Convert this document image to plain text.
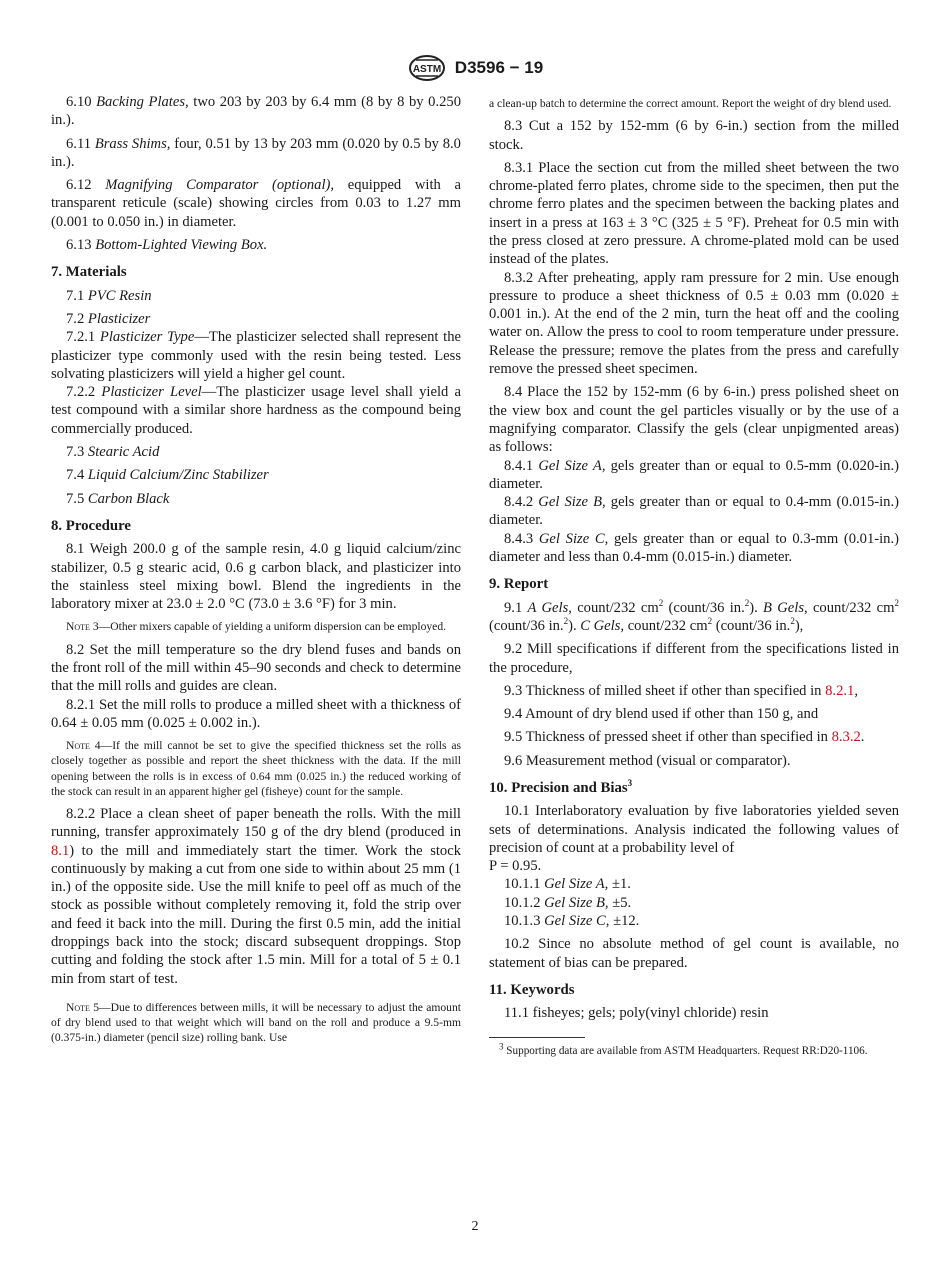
ASTM D3596 − 19

6.10 Backing Plates, two 203 by 203 by 6.4 mm (8 by 8 by 0.250 in.).

6.11 Brass Shims, four, 0.51 by 13 by 203 mm (0.020 by 0.5 by 8.0 in.).

6.12 Magnifying Comparator (optional), equipped with a transparent reticule (scale) showing circles from 0.03 to 1.27 mm (0.001 to 0.050 in.) in diameter.

6.13 Bottom-Lighted Viewing Box.

7. Materials

7.1 PVC Resin

7.2 Plasticizer

7.2.1 Plasticizer Type—The plasticizer selected shall represent the plasticizer type commonly used with the resin being tested. Less solvating plasticizers will yield a higher gel count.

7.2.2 Plasticizer Level—The plasticizer usage level shall yield a test compound with a similar shore hardness as the compound being commercially produced.

7.3 Stearic Acid

7.4 Liquid Calcium/Zinc Stabilizer

7.5 Carbon Black

8. Procedure

8.1 Weigh 200.0 g of the sample resin, 4.0 g liquid calcium/zinc stabilizer, 0.5 g stearic acid, 0.6 g carbon black, and plasticizer into the stainless steel mixing bowl. Blend the ingredients in the laboratory mixer at 23.0 ± 2.0 °C (73.0 ± 3.6 °F) for 3 min.

Note 3—Other mixers capable of yielding a uniform dispersion can be employed.

8.2 Set the mill temperature so the dry blend fuses and bands on the front roll of the mill within 45–90 seconds and check to determine that the mill rolls and guides are clean.

8.2.1 Set the mill rolls to produce a milled sheet with a thickness of 0.64 ± 0.05 mm (0.025 ± 0.002 in.).

Note 4—If the mill cannot be set to give the specified thickness set the rolls as closely together as possible and report the sheet thickness with the data. If the mill opening between the rolls is in excess of 0.64 mm (0.025 in.) the reduced working of the stock can result in an apparent higher gel (fisheye) count for the sample.

8.2.2 Place a clean sheet of paper beneath the rolls. With the mill running, transfer approximately 150 g of the dry blend (produced in 8.1) to the mill and immediately start the timer. Work the stock continuously by making a cut from one side to within about 25 mm (1 in.) of the opposite side. Use the mill knife to peel off as much of the stock as possible without completely removing it, fold the strip over and feed it back into the mill. During the first 0.5 min, add the initial droppings back into the stock; discard subsequent droppings. Stop cutting and folding the stock after 1.5 min. Mill for a total of 5 ± 0.1 min from start of test.

Note 5—Due to differences between mills, it will be necessary to adjust the amount of dry blend used to that weight which will band on the roll and produce a 9.5-mm (0.375-in.) diameter (pencil size) rolling bank. Use

a clean-up batch to determine the correct amount. Report the weight of dry blend used.

8.3 Cut a 152 by 152-mm (6 by 6-in.) section from the milled stock.

8.3.1 Place the section cut from the milled sheet between the two chrome-plated ferro plates, chrome side to the specimen, then put the chrome ferro plates and the specimen between the backing plates and insert in a press at 163 ± 3 °C (325 ± 5 °F). Preheat for 0.5 min with the press closed at zero pressure. A chrome-plated mold can be used instead of the plates.

8.3.2 After preheating, apply ram pressure for 2 min. Use enough pressure to produce a sheet thickness of 0.5 ± 0.03 mm (0.020 ± 0.001 in.). At the end of the 2 min, turn the heat off and the cooling water on. Allow the press to cool to room temperature under pressure. Release the pressure; remove the plates from the press and carefully remove the pressed sheet specimen.

8.4 Place the 152 by 152-mm (6 by 6-in.) press polished sheet on the view box and count the gel particles visually or by the use of a magnifying comparator. Classify the gels (clear unpigmented areas) as follows:

8.4.1 Gel Size A, gels greater than or equal to 0.5-mm (0.020-in.) diameter.

8.4.2 Gel Size B, gels greater than or equal to 0.4-mm (0.015-in.) diameter.

8.4.3 Gel Size C, gels greater than or equal to 0.3-mm (0.01-in.) diameter and less than 0.4-mm (0.015-in.) diameter.

9. Report

9.1 A Gels, count/232 $cm^2$ (count/36 in.$^2$). B Gels, count/232 $cm^2$ (count/36 in.$^2$). C Gels, count/232 $cm^2$ (count/36 in.$^2$),

9.2 Mill specifications if different from the specifications listed in the procedure,

9.3 Thickness of milled sheet if other than specified in 8.2.1,

9.4 Amount of dry blend used if other than 150 g, and

9.5 Thickness of pressed sheet if other than specified in 8.3.2.

9.6 Measurement method (visual or comparator).

10. Precision and Bias$^3$

10.1 Interlaboratory evaluation by five laboratories yielded seven sets of determinations. Analysis indicated the following values of precision of count at a probability level of
P = 0.95.

10.1.1 Gel Size A, ±1.

10.1.2 Gel Size B, ±5.

10.1.3 Gel Size C, ±12.

10.2 Since no absolute method of gel count is available, no statement of bias can be prepared.

11. Keywords

11.1 fisheyes; gels; poly(vinyl chloride) resin

$^3$ Supporting data are available from ASTM Headquarters. Request RR:D20-1106.

2
